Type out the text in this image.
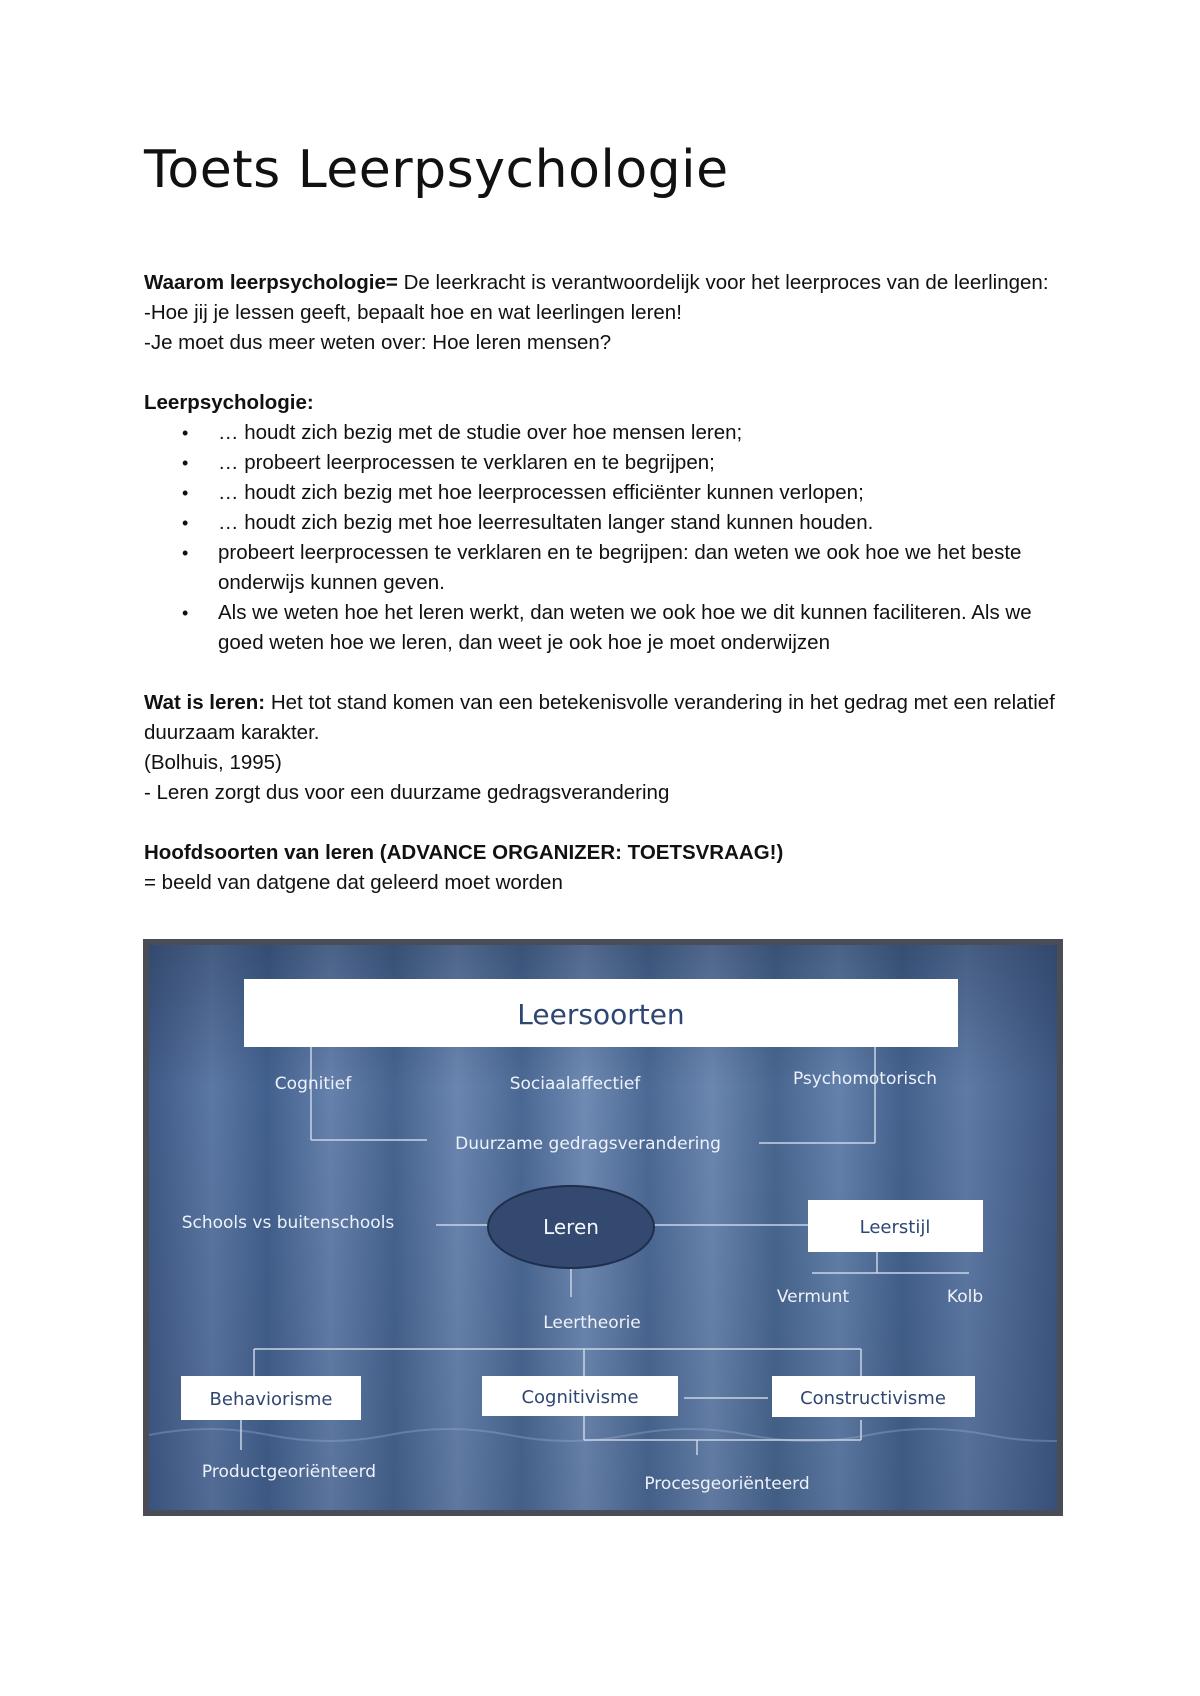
Toets Leerpsychologie

Waarom leerpsychologie= De leerkracht is verantwoordelijk voor het leerproces van de leerlingen:

-Hoe jij je lessen geeft, bepaalt hoe en wat leerlingen leren!

-Je moet dus meer weten over: Hoe leren mensen?

Leerpsychologie:

• … houdt zich bezig met de studie over hoe mensen leren;
• … probeert leerprocessen te verklaren en te begrijpen;
• … houdt zich bezig met hoe leerprocessen efficiënter kunnen verlopen;
• … houdt zich bezig met hoe leerresultaten langer stand kunnen houden.
• probeert leerprocessen te verklaren en te begrijpen: dan weten we ook hoe we het beste onderwijs kunnen geven.
• Als we weten hoe het leren werkt, dan weten we ook hoe we dit kunnen faciliteren. Als we goed weten hoe we leren, dan weet je ook hoe je moet onderwijzen

Wat is leren: Het tot stand komen van een betekenisvolle verandering in het gedrag met een relatief duurzaam karakter.

(Bolhuis, 1995)

- Leren zorgt dus voor een duurzame gedragsverandering

Hoofdsoorten van leren (ADVANCE ORGANIZER: TOETSVRAAG!)

= beeld van datgene dat geleerd moet worden

Leersoorten
Cognitief	Sociaalaffectief	Psychomotorisch
Duurzame gedragsverandering
Schools vs buitenschools	Leren	Leerstijl
Vermunt	Kolb
Leertheorie
Behaviorisme	Cognitivisme	Constructivisme
Productgeoriënteerd
Procesgeoriënteerd
